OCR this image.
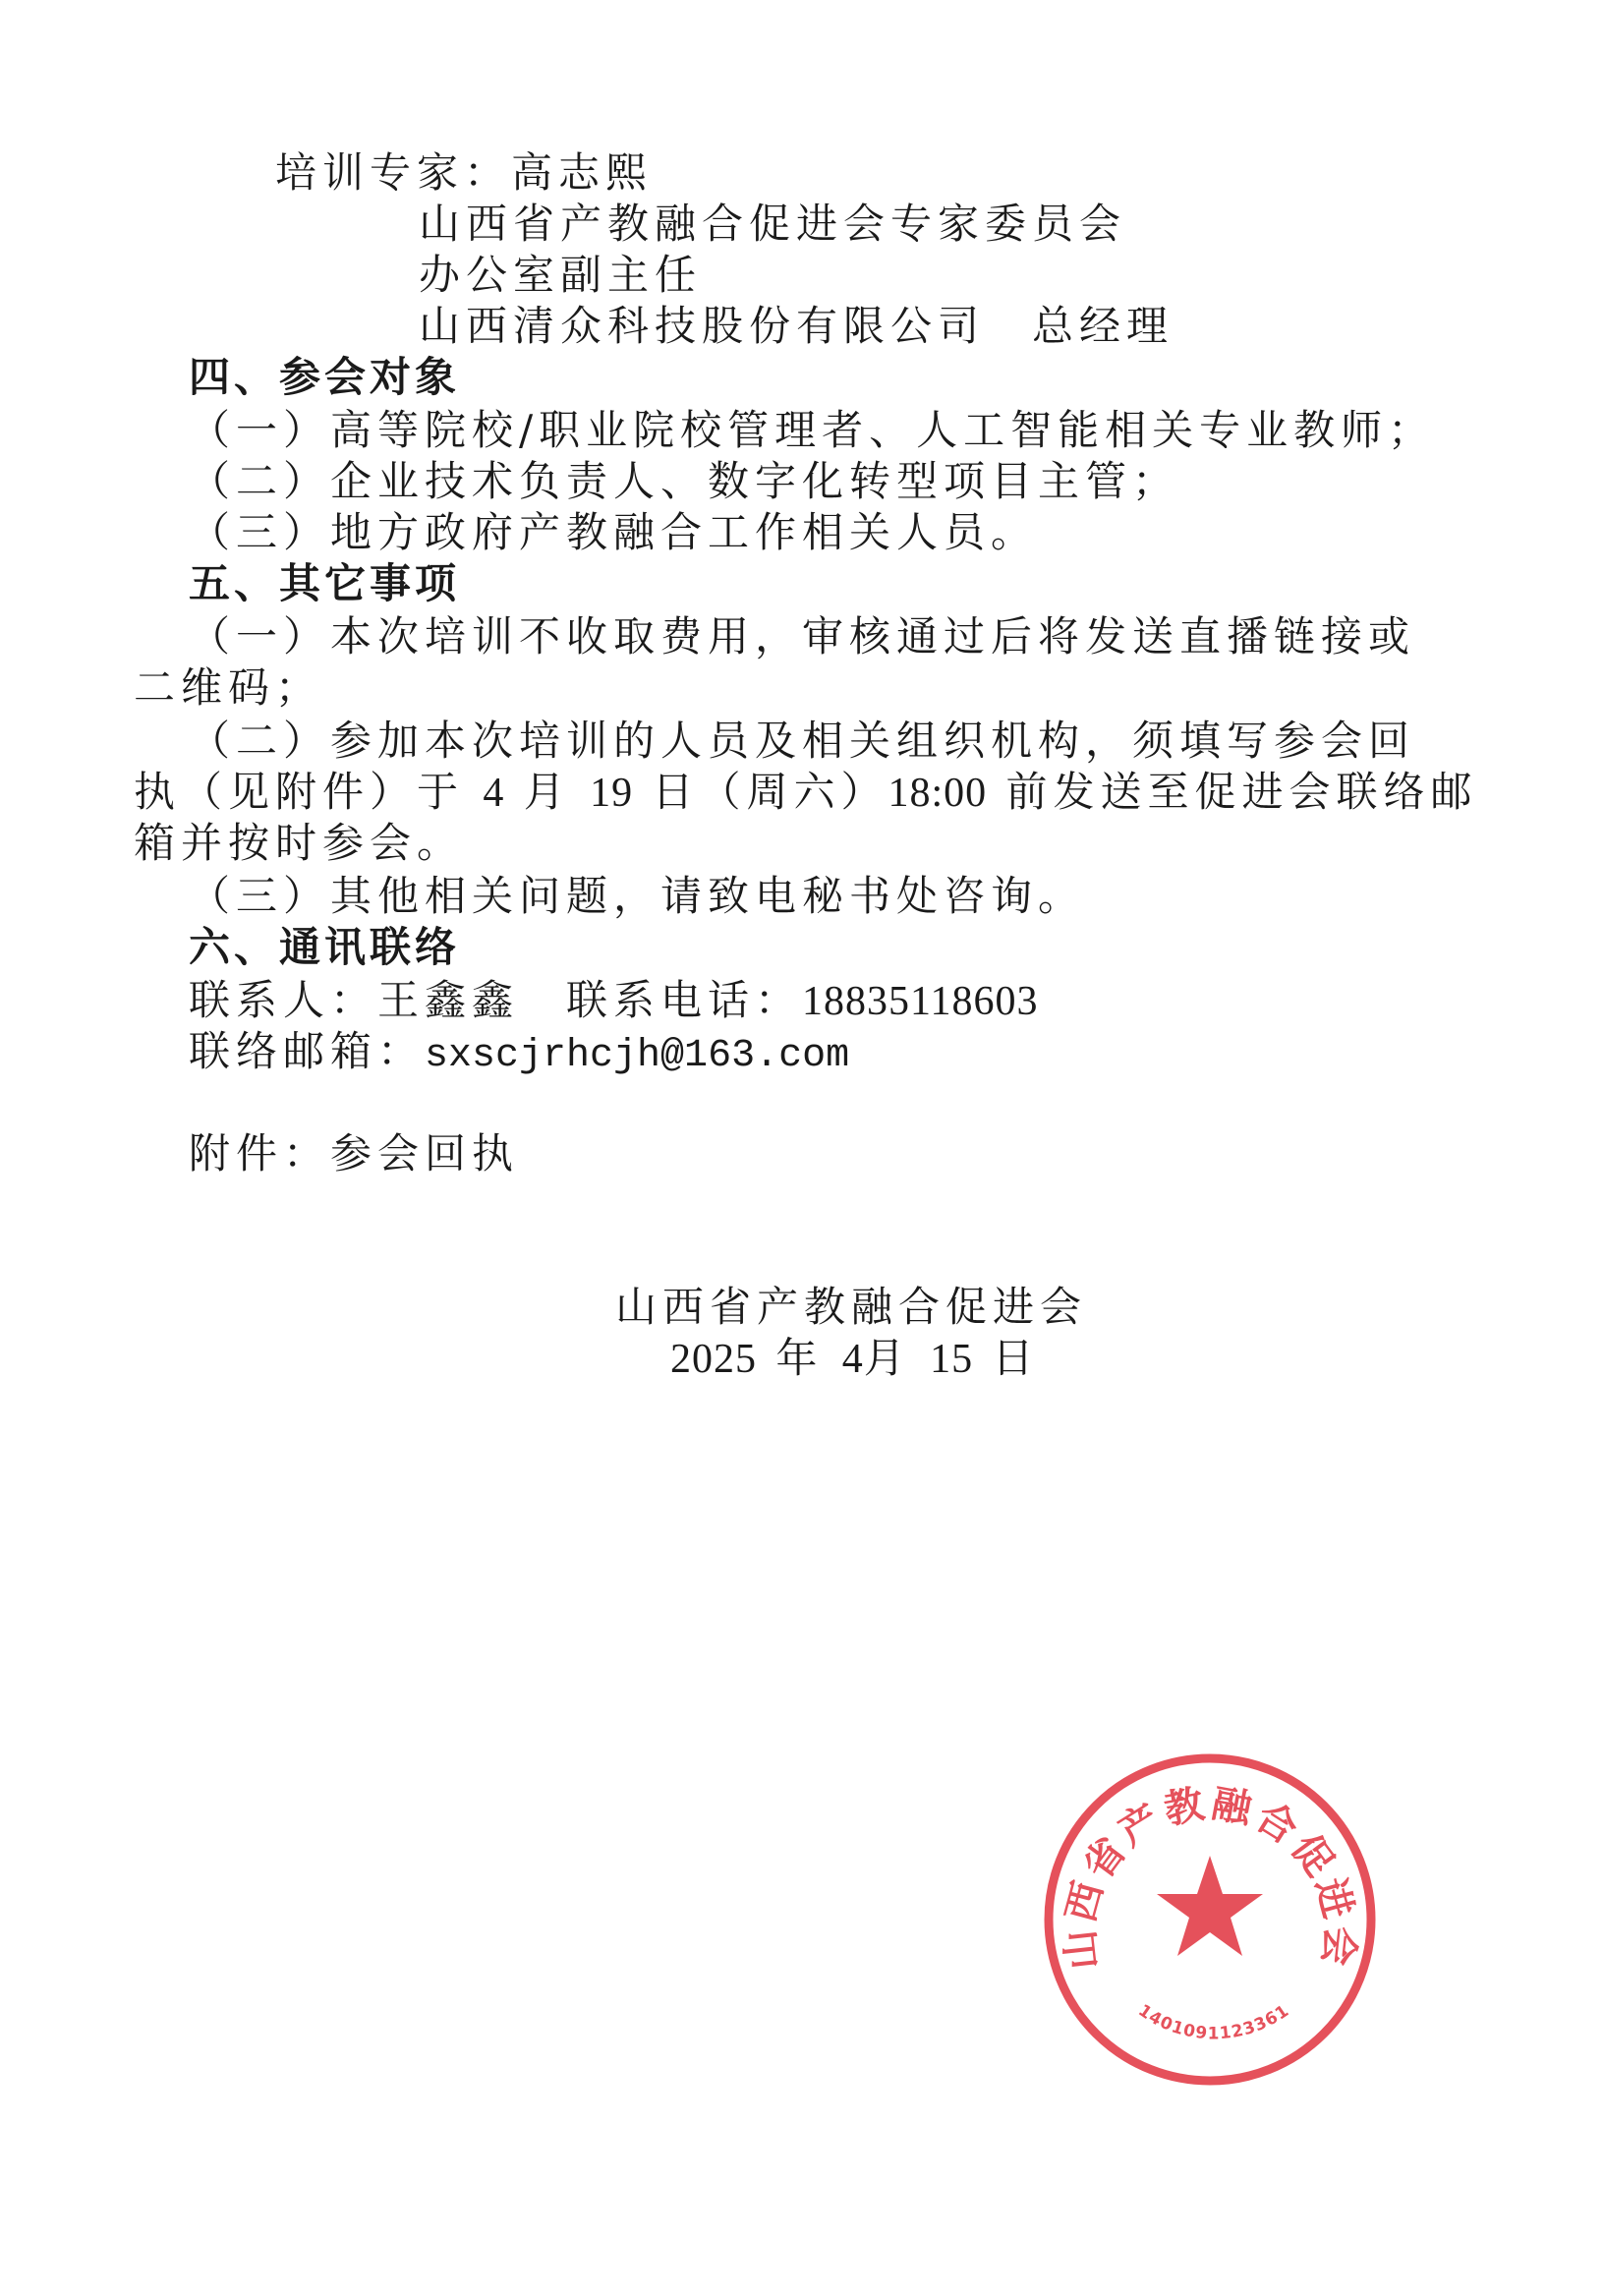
培训专家：高志熙

山西省产教融合促进会专家委员会

办公室副主任

山西清众科技股份有限公司　总经理

四、参会对象

（一）高等院校/职业院校管理者、人工智能相关专业教师；

（二）企业技术负责人、数字化转型项目主管；

（三）地方政府产教融合工作相关人员。

五、其它事项

（一）本次培训不收取费用，审核通过后将发送直播链接或

二维码；

（二）参加本次培训的人员及相关组织机构，须填写参会回

执（见附件）于 4 月 19 日（周六）18:00 前发送至促进会联络邮

箱并按时参会。

（三）其他相关问题，请致电秘书处咨询。

六、通讯联络

联系人：王鑫鑫　 联系电话：18835118603

联络邮箱：sxscjrhcjh@163.com

附件：参会回执

山西省产教融合促进会
1401091123361

山西省产教融合促进会

2025 年 4月 15 日
